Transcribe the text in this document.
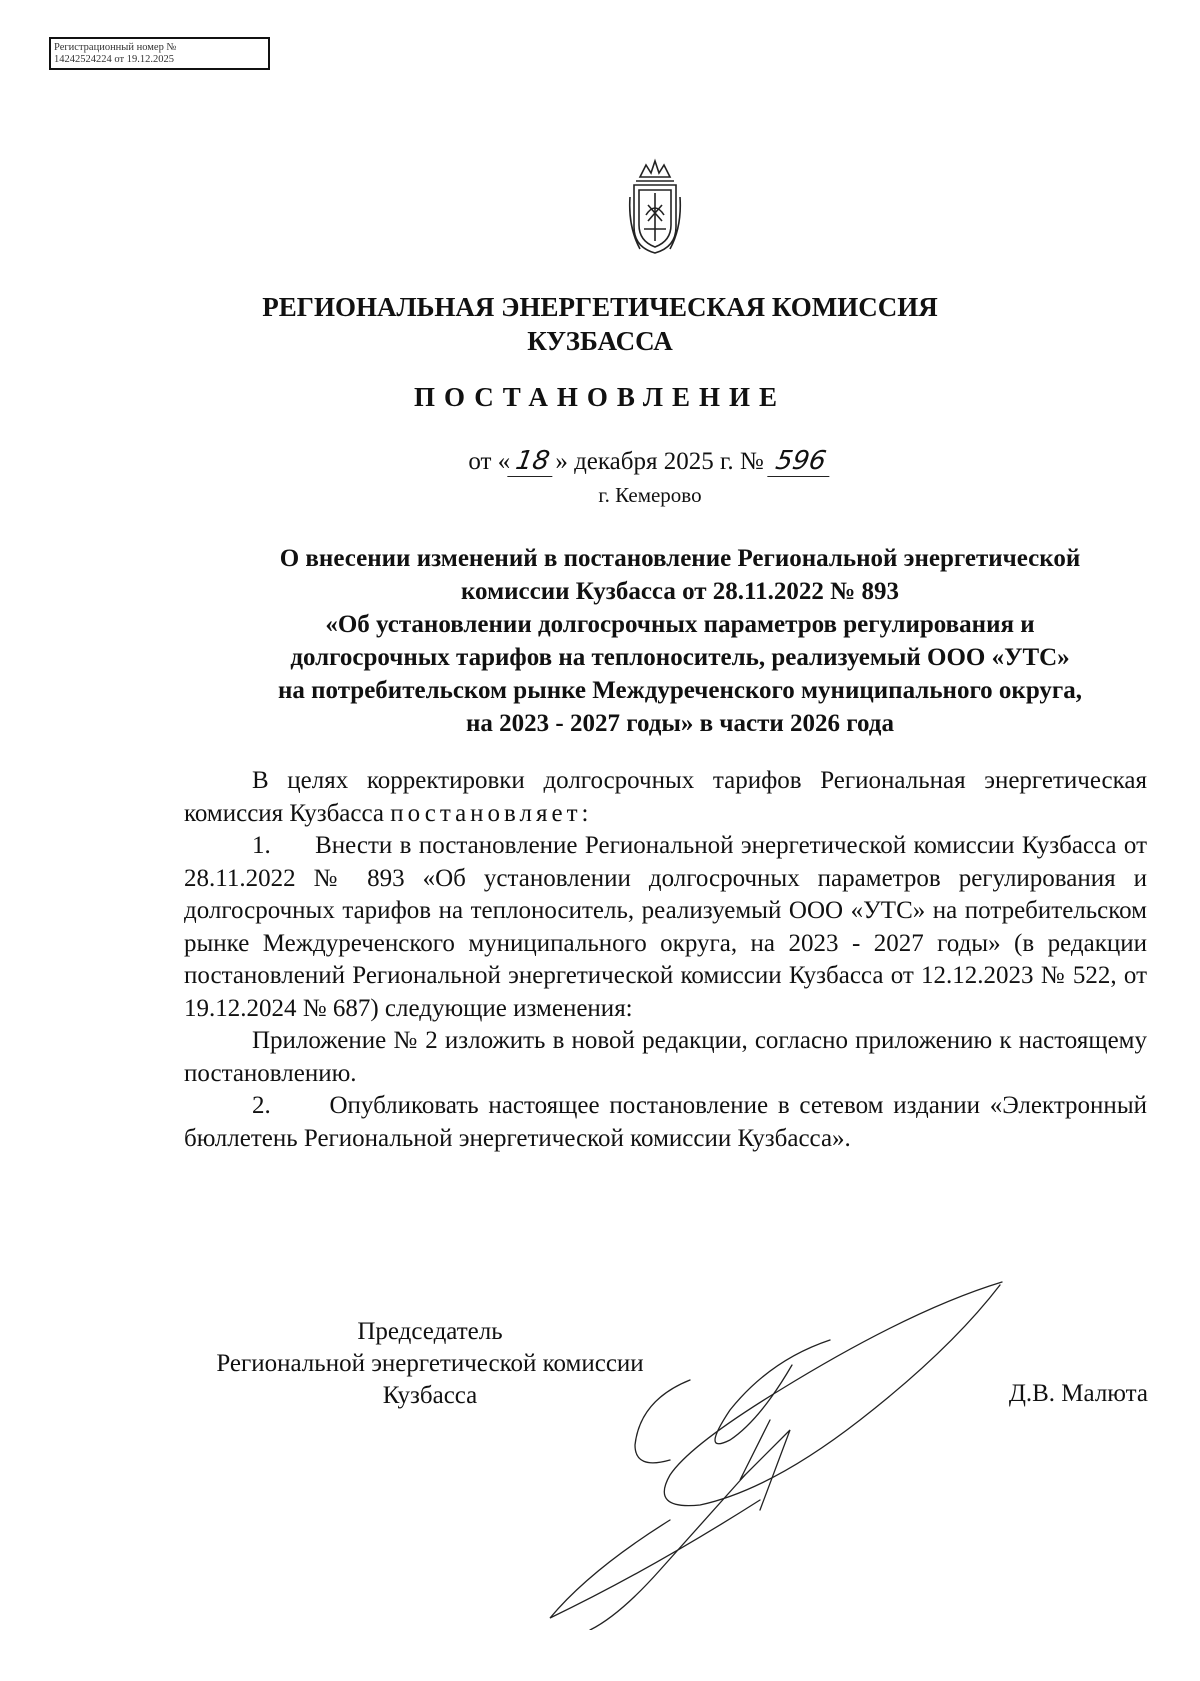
Регистрационный номер №
14242524224 от 19.12.2025
РЕГИОНАЛЬНАЯ ЭНЕРГЕТИЧЕСКАЯ КОМИССИЯ
КУЗБАССА
ПОСТАНОВЛЕНИЕ
от « 18 » декабря 2025 г. № 596
г. Кемерово
О внесении изменений в постановление Региональной энергетической
комиссии Кузбасса от 28.11.2022 № 893
«Об установлении долгосрочных параметров регулирования и
долгосрочных тарифов на теплоноситель, реализуемый ООО «УТС»
на потребительском рынке Междуреченского муниципального округа,
на 2023 - 2027 годы» в части 2026 года

В целях корректировки долгосрочных тарифов Региональная энергетическая комиссия Кузбасса постановляет:

1.      Внести в постановление Региональной энергетической комиссии Кузбасса от 28.11.2022 № 893 «Об установлении долгосрочных параметров регулирования и долгосрочных тарифов на теплоноситель, реализуемый ООО «УТС» на потребительском рынке Междуреченского муниципального округа, на 2023 - 2027 годы» (в редакции постановлений Региональной энергетической комиссии Кузбасса от 12.12.2023 № 522, от 19.12.2024 № 687) следующие изменения:

Приложение № 2 изложить в новой редакции, согласно приложению к настоящему постановлению.

2.      Опубликовать настоящее постановление в сетевом издании «Электронный бюллетень Региональной энергетической комиссии Кузбасса».

Председатель
Региональной энергетической комиссии
Кузбасса	Д.В. Малюта
